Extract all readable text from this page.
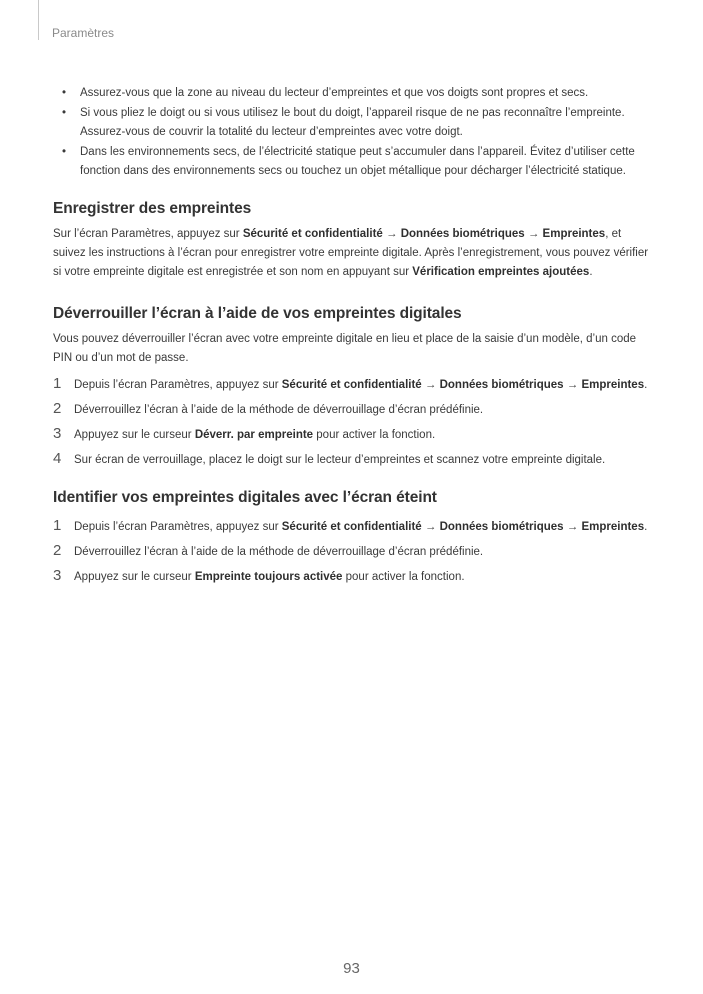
Paramètres
• Assurez-vous que la zone au niveau du lecteur d’empreintes et que vos doigts sont propres et secs.
• Si vous pliez le doigt ou si vous utilisez le bout du doigt, l’appareil risque de ne pas reconnaître l’empreinte. Assurez-vous de couvrir la totalité du lecteur d’empreintes avec votre doigt.
• Dans les environnements secs, de l’électricité statique peut s’accumuler dans l’appareil. Évitez d’utiliser cette fonction dans des environnements secs ou touchez un objet métallique pour décharger l’électricité statique.
Enregistrer des empreintes

Sur l’écran Paramètres, appuyez sur Sécurité et confidentialité → Données biométriques → Empreintes, et suivez les instructions à l’écran pour enregistrer votre empreinte digitale. Après l’enregistrement, vous pouvez vérifier si votre empreinte digitale est enregistrée et son nom en appuyant sur Vérification empreintes ajoutées.

Déverrouiller l’écran à l’aide de vos empreintes digitales

Vous pouvez déverrouiller l’écran avec votre empreinte digitale en lieu et place de la saisie d’un modèle, d’un code PIN ou d’un mot de passe.

1 Depuis l’écran Paramètres, appuyez sur Sécurité et confidentialité → Données biométriques → Empreintes.
2 Déverrouillez l’écran à l’aide de la méthode de déverrouillage d’écran prédéfinie.
3 Appuyez sur le curseur Déverr. par empreinte pour activer la fonction.
4 Sur écran de verrouillage, placez le doigt sur le lecteur d’empreintes et scannez votre empreinte digitale.
Identifier vos empreintes digitales avec l’écran éteint
1 Depuis l’écran Paramètres, appuyez sur Sécurité et confidentialité → Données biométriques → Empreintes.
2 Déverrouillez l’écran à l’aide de la méthode de déverrouillage d’écran prédéfinie.
3 Appuyez sur le curseur Empreinte toujours activée pour activer la fonction.
93
